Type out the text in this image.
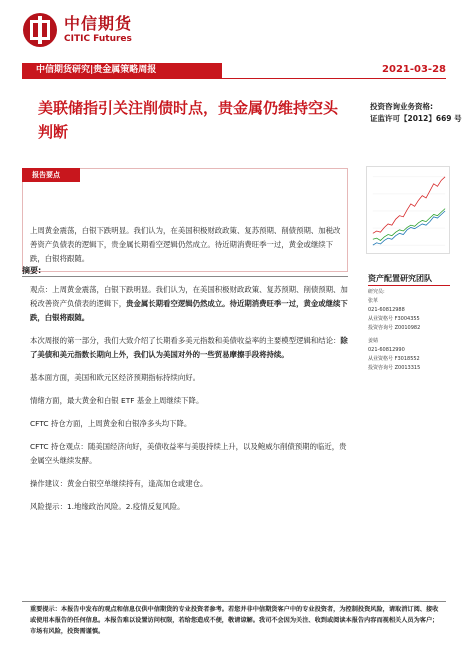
中信期货
CITIC Futures
中信期货研究|贵金属策略周报	2021-03-28
美联储指引关注削债时点，贵金属仍维持空头判断
投资咨询业务资格:
证监许可【2012】669 号
报告要点
上周黄金震荡，白银下跌明显。我们认为，在美国积极财政政策、复苏预期、削债预期、加税改善资产负债表的逻辑下，贵金属长期看空逻辑仍然成立。待近期消费旺季一过，黄金或继续下跌，白银将跟随。
资产配置研究团队
研究员:
张革
021-60812988
从业资格号 F3004355
投资咨询号 Z0010982
姜婧
021-60812990
从业资格号 F3018552
投资咨询号 Z0013315
摘要:

观点：上周黄金震荡，白银下跌明显。我们认为，在美国积极财政政策、复苏预期、削债预期、加税改善资产负债表的逻辑下，贵金属长期看空逻辑仍然成立。待近期消费旺季一过，黄金或继续下跌，白银将跟随。

本次周报的第一部分，我们大致介绍了长期看多美元指数和美债收益率的主要模型逻辑和结论：除了美债和美元指数长期向上外，我们认为美国对外的一些贸易摩擦手段将持续。

基本面方面，美国和欧元区经济预期指标持续向好。

情绪方面，最大黄金和白银 ETF 基金上周继续下降。

CFTC 持仓方面，上周黄金和白银净多头均下降。

CFTC 持仓观点：随美国经济向好，美债收益率与美股持续上升，以及鲍威尔削债预期的临近，贵金属空头继续发酵。

操作建议：黄金白银空单继续持有，逢高加仓或建仓。

风险提示：1.地缘政治风险。2.疫情反复风险。

重要提示：本报告中发布的观点和信息仅供中信期货的专业投资者参考。若您并非中信期货客户中的专业投资者，为控制投资风险，请取消订阅、接收或使用本报告的任何信息。本报告难以设置访问权限，若给您造成不便，敬请谅解。我司不会因为关注、收到或阅读本报告内容而视相关人员为客户；市场有风险，投资需谨慎。
